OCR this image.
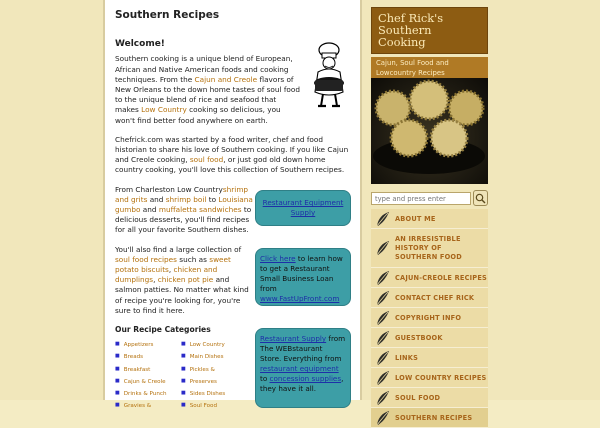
Southern Recipes
Welcome!

Southern cooking is a unique blend of European, African and Native American foods and cooking techniques. From the Cajun and Creole flavors of New Orleans to the down home tastes of soul food to the unique blend of rice and seafood that makes Low Country cooking so delicious, you won't find better food anywhere on earth.

Chefrick.com was started by a food writer, chef and food historian to share his love of Southern cooking. If you like Cajun and Creole cooking, soul food, or just god old down home country cooking, you'll love this collection of Southern recipes.

From Charleston Low Countryshrimp and grits and shrimp boil to Louisiana gumbo and muffaletta sandwiches to delicious desserts, you'll find recipes for all your favorite Southern dishes.

You'll also find a large collection of soul food recipes such as sweet potato biscuits, chicken and dumplings, chicken pot pie and salmon patties. No matter what kind of recipe you're looking for, you're sure to find it here.

Our Recipe Categories
■ Appetizers
■ Breads
■ Breakfast
■ Cajun & Creole
■ Drinks & Punch
■ Gravies &
■ Low Country
■ Main Dishes
■ Pickles &
■ Preserves
■ Sides Dishes
■ Soul Food
Restaurant Equipment Supply
Click here to learn how to get a Restaurant Small Business Loan from www.FastUpFront.com
Restaurant Supply from The WEBstaurant Store. Everything from restaurant equipment to concession supplies, they have it all.
Chef Rick's Southern Cooking
Cajun, Soul Food and
Lowcountry Recipes
type and press enter
ABOUT ME
AN IRRESISTIBLE HISTORY OF SOUTHERN FOOD
CAJUN-CREOLE RECIPES
CONTACT CHEF RICK
COPYRIGHT INFO
GUESTBOOK
LINKS
LOW COUNTRY RECIPES
SOUL FOOD
SOUTHERN RECIPES
